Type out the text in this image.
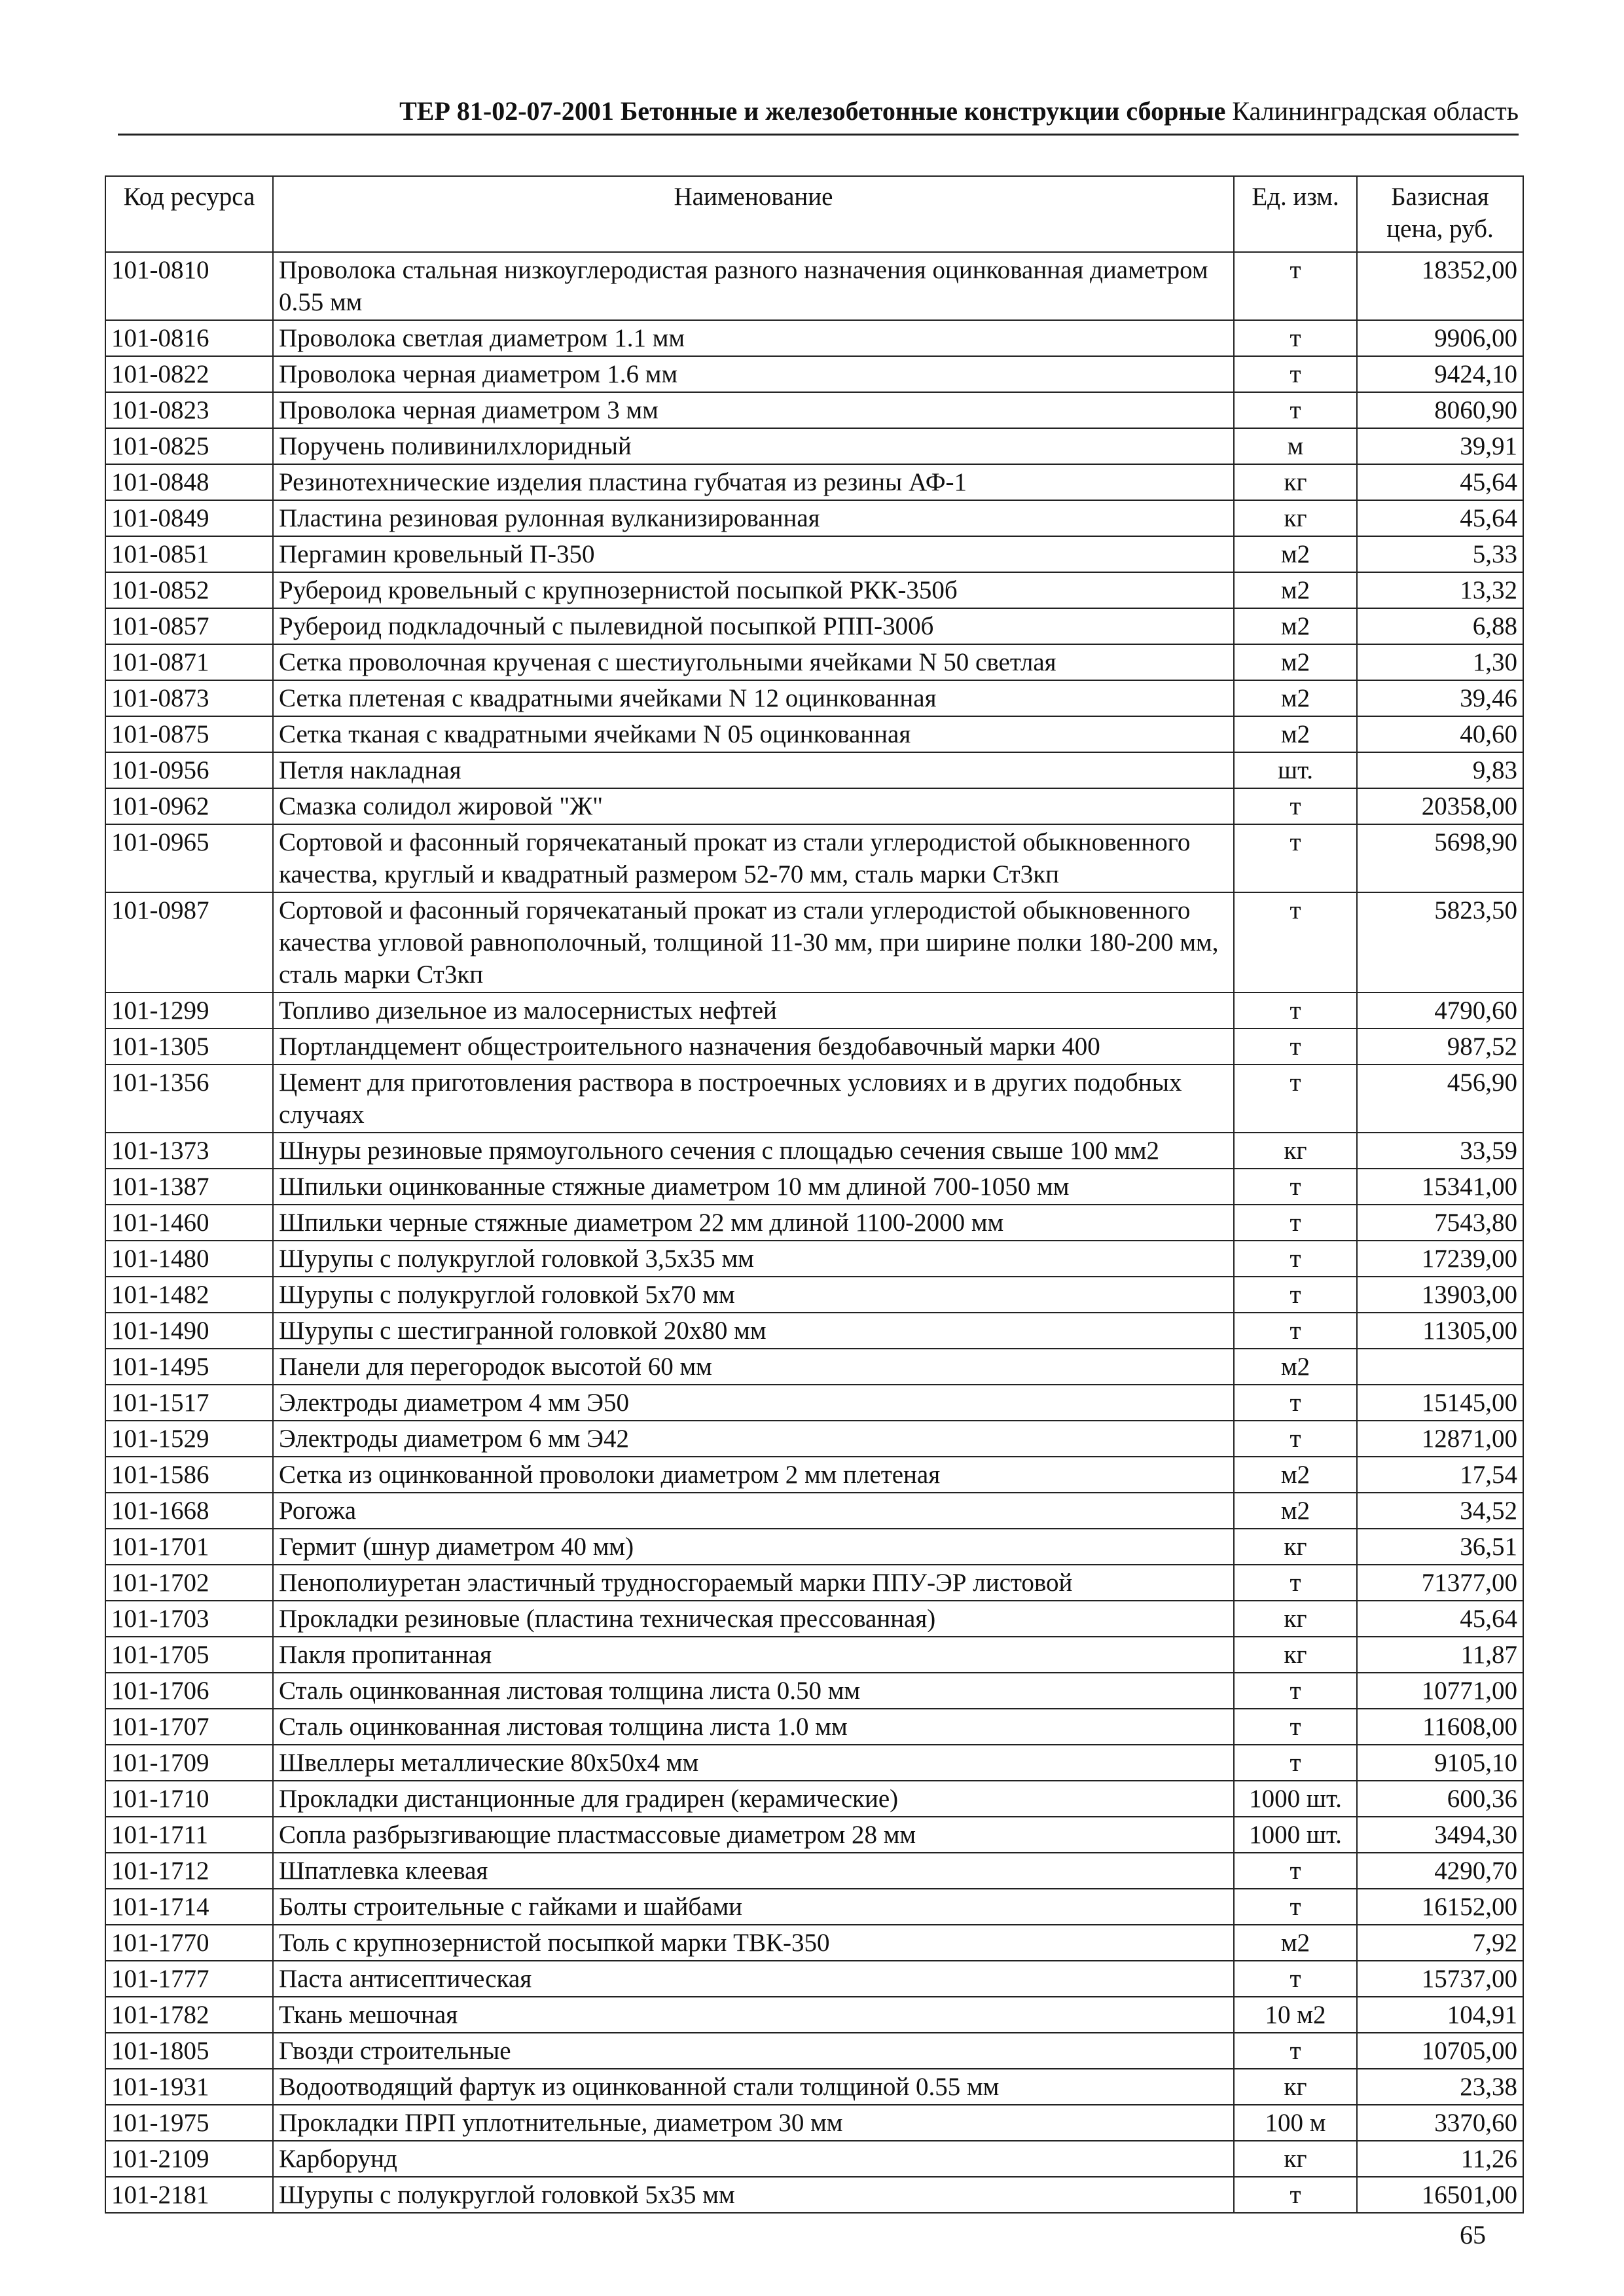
ТЕР 81-02-07-2001 Бетонные и железобетонные конструкции сборные Калининградская область
Код ресурса	Наименование	Ед. изм.	Базисная цена, руб.
101-0810	Проволока стальная низкоуглеродистая разного назначения оцинкованная диаметром 0.55 мм	т	18352,00
101-0816	Проволока светлая диаметром 1.1 мм	т	9906,00
101-0822	Проволока черная диаметром 1.6 мм	т	9424,10
101-0823	Проволока черная диаметром 3 мм	т	8060,90
101-0825	Поручень поливинилхлоридный	м	39,91
101-0848	Резинотехнические изделия пластина губчатая из резины АФ-1	кг	45,64
101-0849	Пластина резиновая рулонная вулканизированная	кг	45,64
101-0851	Пергамин кровельный П-350	м2	5,33
101-0852	Рубероид кровельный с крупнозернистой посыпкой РКК-350б	м2	13,32
101-0857	Рубероид подкладочный с пылевидной посыпкой РПП-300б	м2	6,88
101-0871	Сетка проволочная крученая с шестиугольными ячейками N 50 светлая	м2	1,30
101-0873	Сетка плетеная с квадратными ячейками N 12 оцинкованная	м2	39,46
101-0875	Сетка тканая с квадратными ячейками N 05 оцинкованная	м2	40,60
101-0956	Петля накладная	шт.	9,83
101-0962	Смазка солидол жировой "Ж"	т	20358,00
101-0965	Сортовой и фасонный горячекатаный прокат из стали углеродистой обыкновенного качества, круглый и квадратный размером 52-70 мм, сталь марки Ст3кп	т	5698,90
101-0987	Сортовой и фасонный горячекатаный прокат из стали углеродистой обыкновенного качества угловой равнополочный, толщиной 11-30 мм, при ширине полки 180-200 мм, сталь марки Ст3кп	т	5823,50
101-1299	Топливо дизельное из малосернистых нефтей	т	4790,60
101-1305	Портландцемент общестроительного назначения бездобавочный марки 400	т	987,52
101-1356	Цемент для приготовления раствора в построечных условиях и в других подобных случаях	т	456,90
101-1373	Шнуры резиновые прямоугольного сечения с площадью сечения свыше 100 мм2	кг	33,59
101-1387	Шпильки оцинкованные стяжные диаметром 10 мм длиной 700-1050 мм	т	15341,00
101-1460	Шпильки черные стяжные диаметром 22 мм длиной 1100-2000 мм	т	7543,80
101-1480	Шурупы с полукруглой головкой 3,5х35 мм	т	17239,00
101-1482	Шурупы с полукруглой головкой 5х70 мм	т	13903,00
101-1490	Шурупы с шестигранной головкой 20х80 мм	т	11305,00
101-1495	Панели для перегородок высотой 60 мм	м2	
101-1517	Электроды диаметром 4 мм Э50	т	15145,00
101-1529	Электроды диаметром 6 мм Э42	т	12871,00
101-1586	Сетка из оцинкованной проволоки диаметром 2 мм плетеная	м2	17,54
101-1668	Рогожа	м2	34,52
101-1701	Гермит (шнур диаметром 40 мм)	кг	36,51
101-1702	Пенополиуретан эластичный трудносгораемый марки ППУ-ЭР листовой	т	71377,00
101-1703	Прокладки резиновые (пластина техническая прессованная)	кг	45,64
101-1705	Пакля пропитанная	кг	11,87
101-1706	Сталь оцинкованная листовая толщина листа 0.50 мм	т	10771,00
101-1707	Сталь оцинкованная листовая толщина листа 1.0 мм	т	11608,00
101-1709	Швеллеры металлические 80х50х4 мм	т	9105,10
101-1710	Прокладки дистанционные для градирен (керамические)	1000 шт.	600,36
101-1711	Сопла разбрызгивающие пластмассовые диаметром 28 мм	1000 шт.	3494,30
101-1712	Шпатлевка клеевая	т	4290,70
101-1714	Болты строительные с гайками и шайбами	т	16152,00
101-1770	Толь с крупнозернистой посыпкой марки ТВК-350	м2	7,92
101-1777	Паста антисептическая	т	15737,00
101-1782	Ткань мешочная	10 м2	104,91
101-1805	Гвозди строительные	т	10705,00
101-1931	Водоотводящий фартук из оцинкованной стали толщиной 0.55 мм	кг	23,38
101-1975	Прокладки ПРП уплотнительные, диаметром 30 мм	100 м	3370,60
101-2109	Карборунд	кг	11,26
101-2181	Шурупы с полукруглой головкой 5х35 мм	т	16501,00
65
